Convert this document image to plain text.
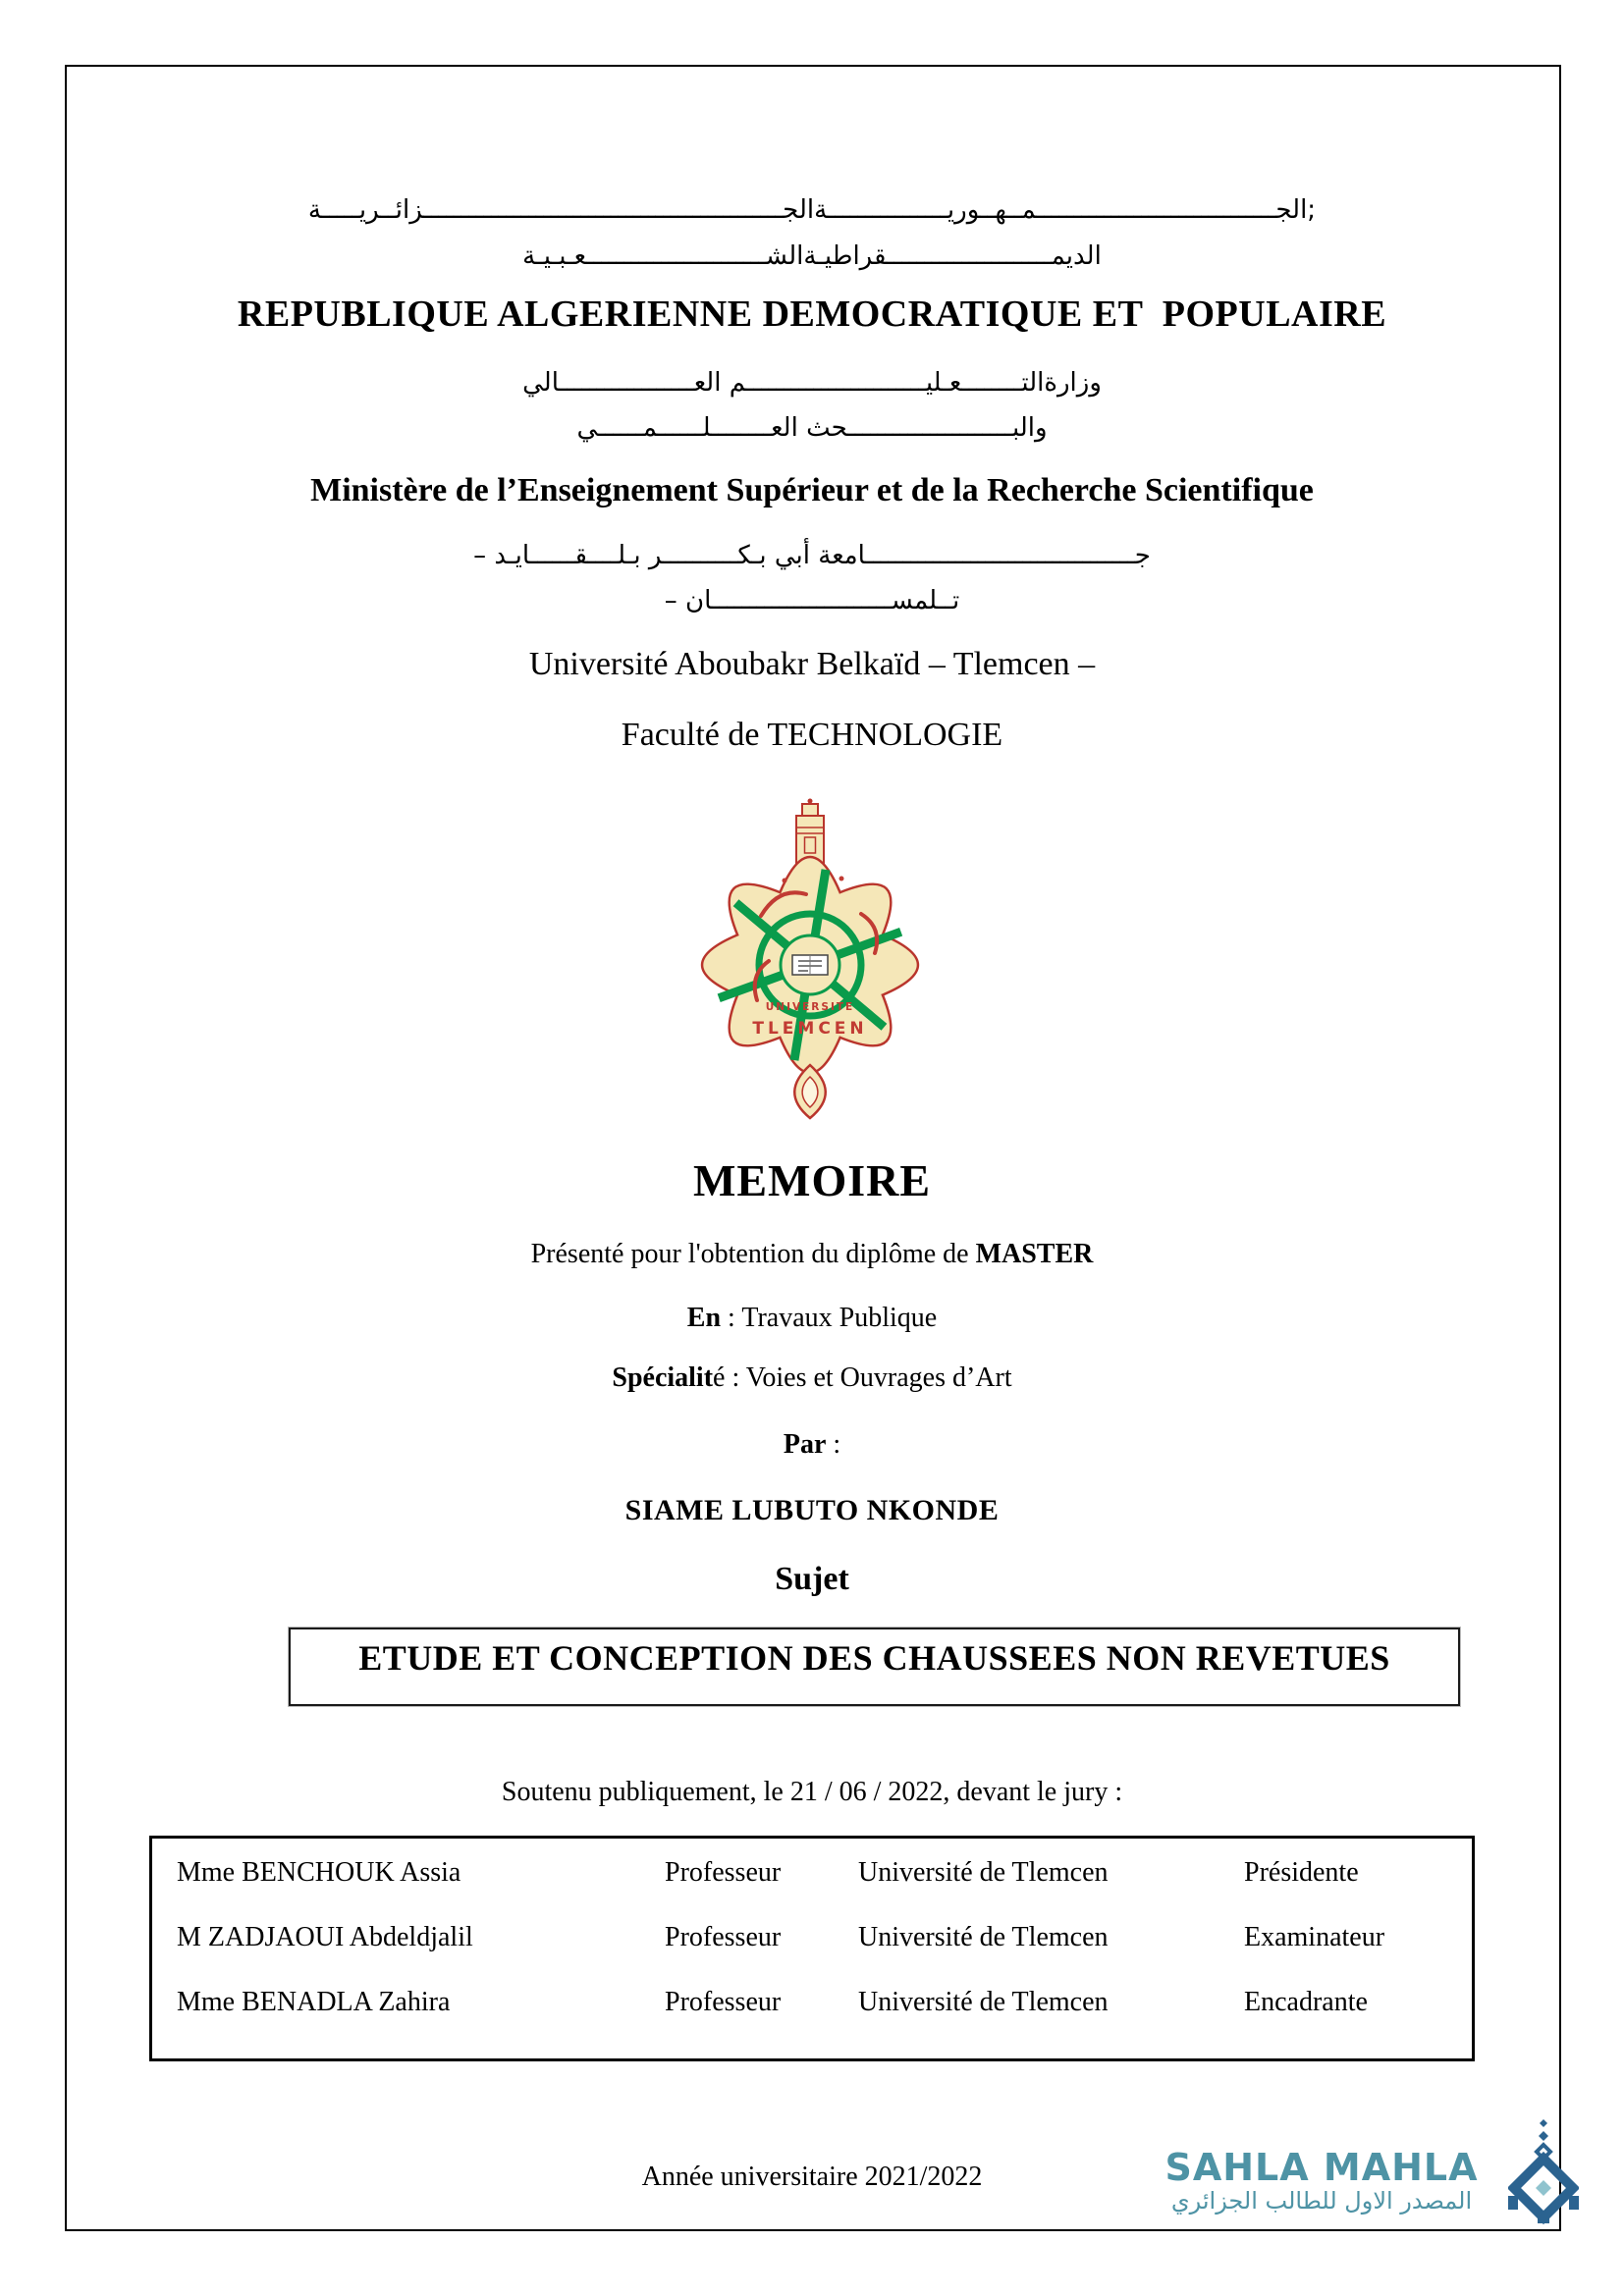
;الجــــــــــــــــــــــــــــــــمــهــوريــــــــــــــــةالجــــــــــــــــــــــــــــــــــــــــــــــــزائــريـــــة
الديمــــــــــــــــــــــقراطيـةالشــــــــــــــــــــــــعـبـيـة
REPUBLIQUE ALGERIENNE DEMOCRATIQUE ET  POPULAIRE
وزارةالتــــــــعـليــــــــــــــــــــــــم العــــــــــــــــــالي
والبــــــــــــــــــــــحث العــــــــلــــــمــــــي
Ministère de l’Enseignement Supérieur et de la Recherche Scientifique
جــــــــــــــــــــــــــــــــــــامعة أبي بـكــــــــــر بـلــــقــــــايـد –
تــلمســــــــــــــــــــــــان –
Université Aboubakr Belkaïd – Tlemcen –
Faculté de TECHNOLOGIE
UNIVERSITE
TLEMCEN
MEMOIRE
Présenté pour l'obtention du diplôme de MASTER
En : Travaux Publique
Spécialité : Voies et Ouvrages d’Art
Par :
SIAME LUBUTO NKONDE
Sujet
ETUDE ET CONCEPTION DES CHAUSSEES NON REVETUES
Soutenu publiquement, le 21 / 06 / 2022, devant le jury :
Mme BENCHOUK Assia	Professeur	Université de Tlemcen	Présidente
M ZADJAOUI Abdeldjalil	Professeur	Université de Tlemcen	Examinateur
Mme BENADLA Zahira	Professeur	Université de Tlemcen	Encadrante
Année universitaire 2021/2022	SAHLA MAHLA
المصدر الاول للطالب الجزائري
